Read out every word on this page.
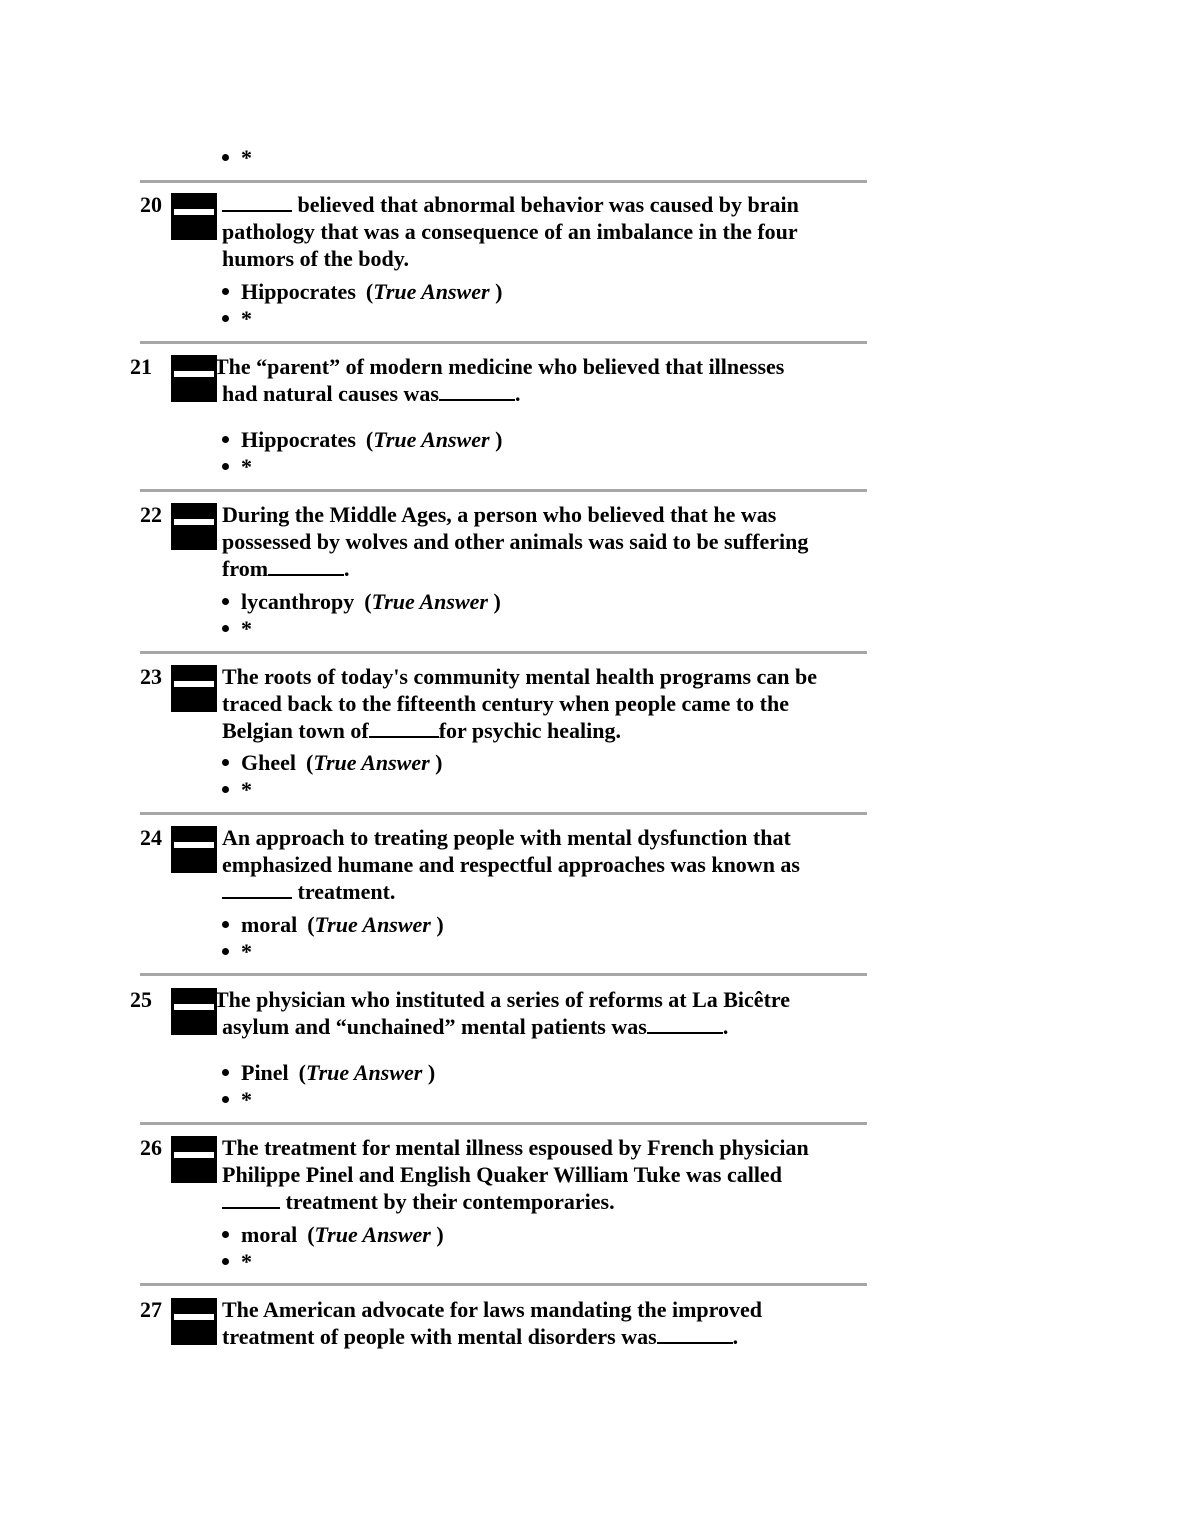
*
20	believed that abnormal behavior was caused by brain
pathology that was a consequence of an imbalance in the four
humors of the body.
Hippocrates (True Answer )
*
21	The “parent” of modern medicine who believed that illnesses
had natural causes was	.
Hippocrates (True Answer )
*
22	During the Middle Ages, a person who believed that he was
possessed by wolves and other animals was said to be suffering
from	.
lycanthropy (True Answer )
*
23	The roots of today's community mental health programs can be
traced back to the fifteenth century when people came to the
Belgian town of	for psychic healing.
Gheel (True Answer )
*
24	An approach to treating people with mental dysfunction that
emphasized humane and respectful approaches was known as
treatment.
moral (True Answer )
*
25	The physician who instituted a series of reforms at La Bicêtre
asylum and “unchained” mental patients was	.
Pinel (True Answer )
*
26	The treatment for mental illness espoused by French physician
Philippe Pinel and English Quaker William Tuke was called
treatment by their contemporaries.
moral (True Answer )
*
27	The American advocate for laws mandating the improved
treatment of people with mental disorders was	.
